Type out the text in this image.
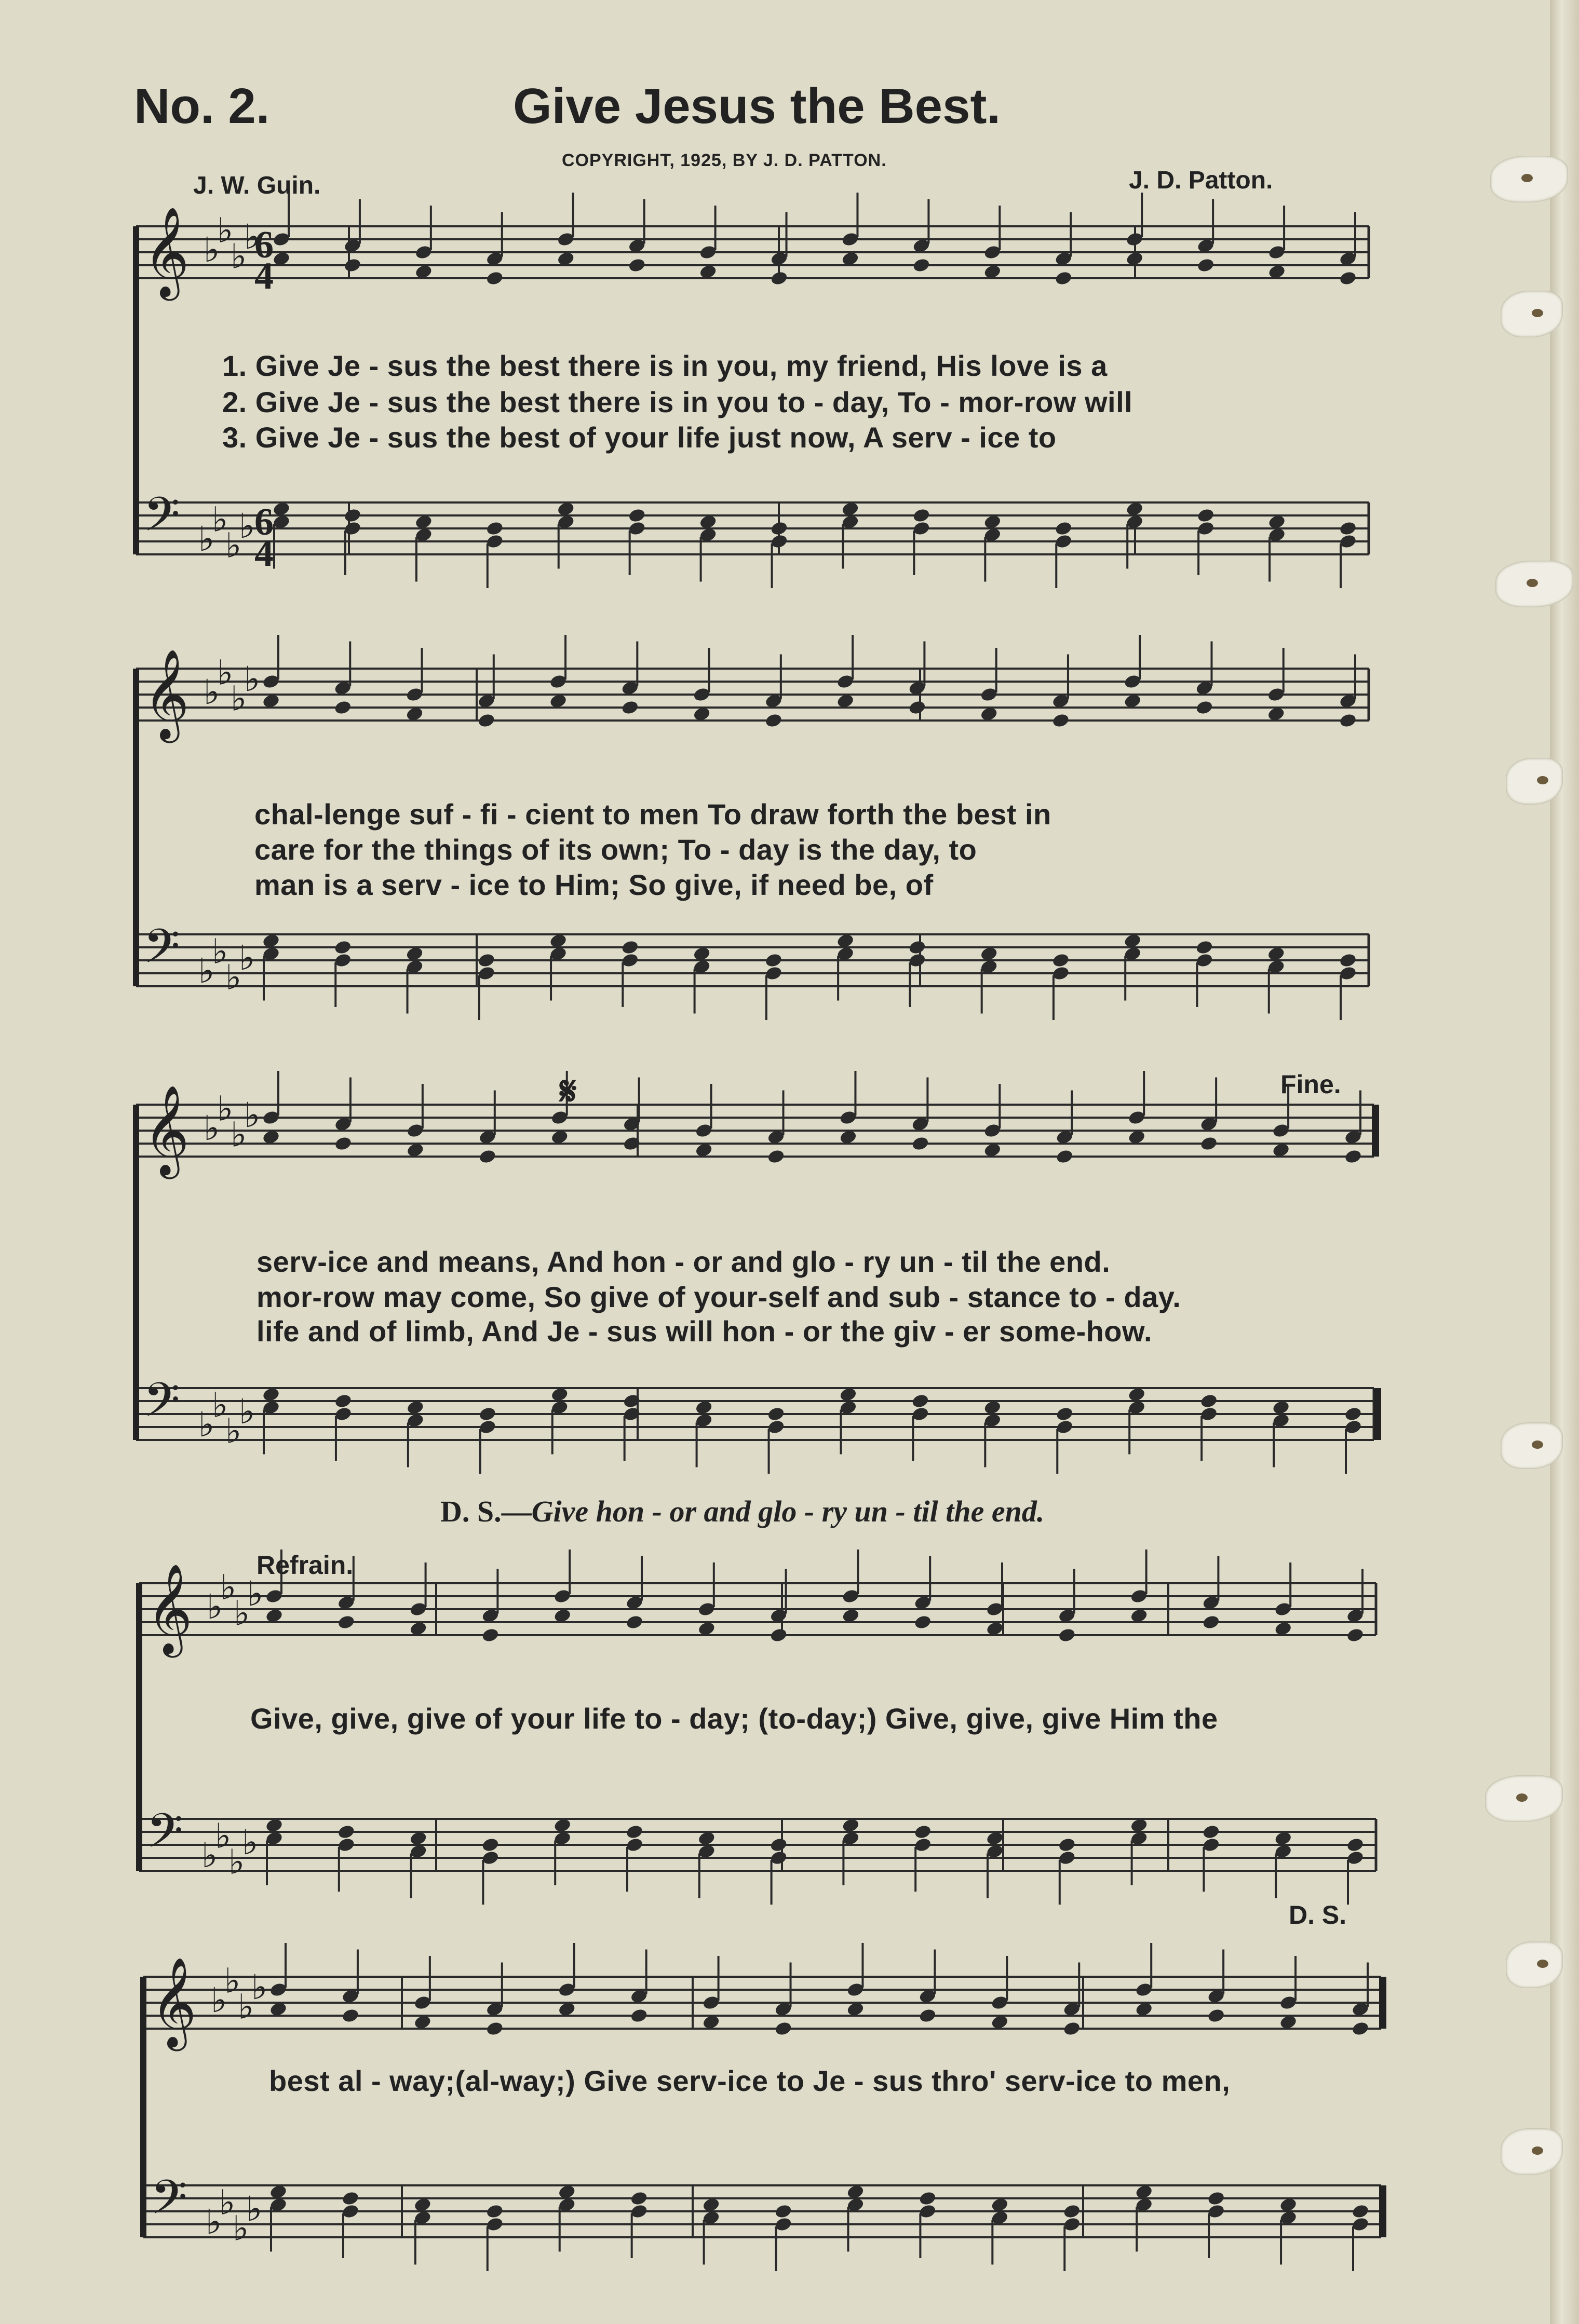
No. 2.	Give Jesus the Best.
COPYRIGHT, 1925, BY J. D. PATTON.
J. W. Guin.	J. D. Patton.
𝄞 ♭
♭
♭
♭
𝄢 ♭
♭
♭
♭
𝄞 ♭
♭
♭
♭
𝄢 ♭
♭
♭
♭
𝄞 ♭
♭
♭
♭
𝄢 ♭
♭
♭
♭
𝄞 ♭
♭
♭
♭
𝄢 ♭
♭
♭
♭
𝄞 ♭
♭
♭
♭
𝄢 ♭
♭
♭
♭
6
4
6
4
1. Give Je - sus the best there is in you, my friend, His love is a
2. Give Je - sus the best there is in you to - day, To - mor-row will
3. Give Je - sus the best of your life just now, A serv - ice to
chal-lenge suf - fi - cient to men To draw forth the best in
care for the things of its own; To - day is the day, to
man is a serv - ice to Him; So give, if need be, of
𝄋	Fine.
serv-ice and means, And hon - or and glo - ry un - til the end.
mor-row may come, So give of your-self and sub - stance to - day.
life and of limb, And Je - sus will hon - or the giv - er some-how.
D. S.—Give hon - or and glo - ry un - til the end.
Refrain.
Give, give, give of your life to - day; (to-day;) Give, give, give Him the
D. S.
best al - way;(al-way;) Give serv-ice to Je - sus thro' serv-ice to men,
